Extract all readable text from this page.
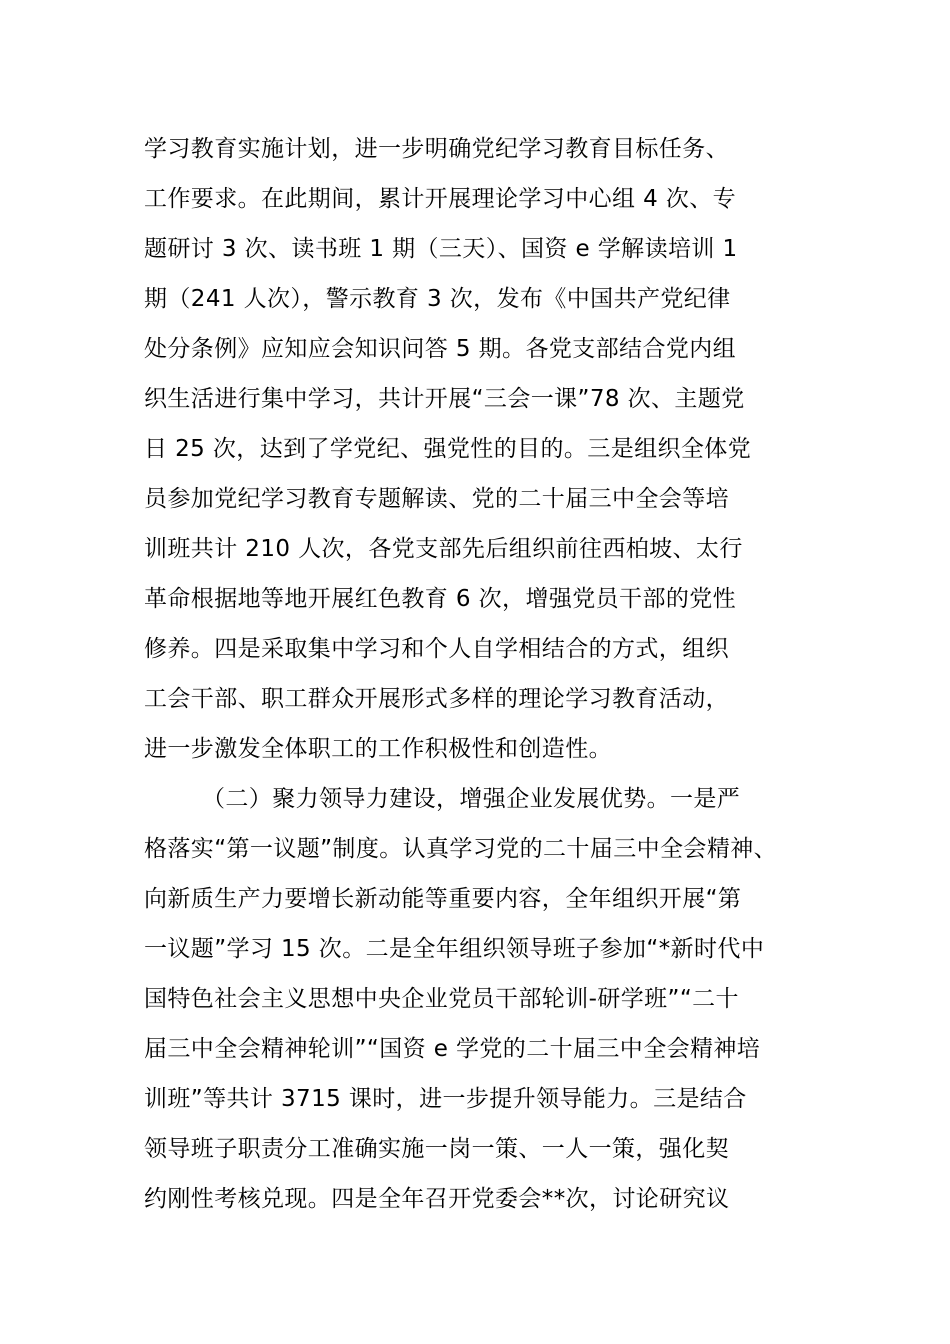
学习教育实施计划，进一步明确党纪学习教育目标任务、
工作要求。在此期间，累计开展理论学习中心组 4 次、专
题研讨 3 次、读书班 1 期（三天）、国资 e 学解读培训 1
期（241 人次），警示教育 3 次，发布《中国共产党纪律
处分条例》应知应会知识问答 5 期。各党支部结合党内组
织生活进行集中学习，共计开展“三会一课”78 次、主题党
日 25 次，达到了学党纪、强党性的目的。三是组织全体党
员参加党纪学习教育专题解读、党的二十届三中全会等培
训班共计 210 人次，各党支部先后组织前往西柏坡、太行
革命根据地等地开展红色教育 6 次，增强党员干部的党性
修养。四是采取集中学习和个人自学相结合的方式，组织
工会干部、职工群众开展形式多样的理论学习教育活动，
进一步激发全体职工的工作积极性和创造性。
（二）聚力领导力建设，增强企业发展优势。一是严
格落实“第一议题”制度。认真学习党的二十届三中全会精神、
向新质生产力要增长新动能等重要内容，全年组织开展“第
一议题”学习 15 次。二是全年组织领导班子参加“*新时代中
国特色社会主义思想中央企业党员干部轮训-研学班”“二十
届三中全会精神轮训”“国资 e 学党的二十届三中全会精神培
训班”等共计 3715 课时，进一步提升领导能力。三是结合
领导班子职责分工准确实施一岗一策、一人一策，强化契
约刚性考核兑现。四是全年召开党委会**次，讨论研究议
